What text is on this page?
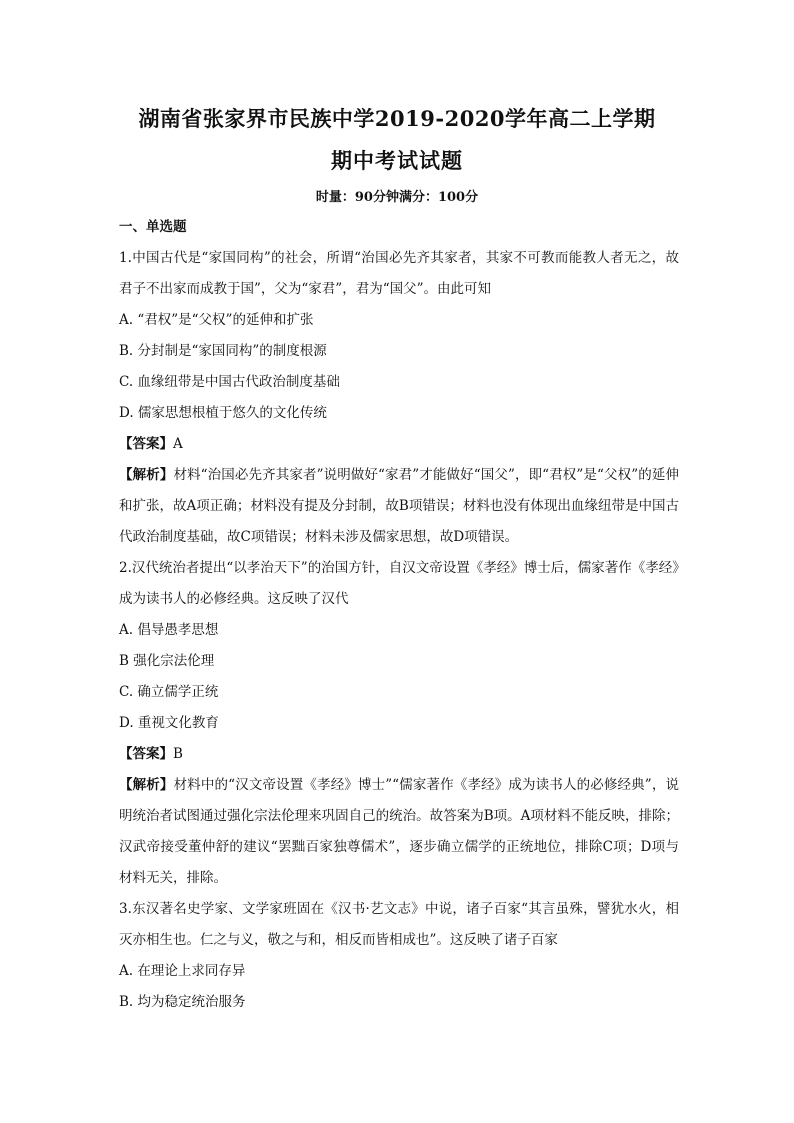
湖南省张家界市民族中学2019-2020学年高二上学期
期中考试试题
时量：90分钟满分：100分
一、单选题
1.中国古代是“家国同构”的社会，所谓“治国必先齐其家者，其家不可教而能教人者无之，故君子不出家而成教于国”，父为“家君”，君为“国父”。由此可知
A. “君权”是“父权”的延伸和扩张
B. 分封制是“家国同构”的制度根源
C. 血缘纽带是中国古代政治制度基础
D. 儒家思想根植于悠久的文化传统
【答案】A
【解析】材料“治国必先齐其家者”说明做好“家君”才能做好“国父”，即“君权”是“父权”的延伸和扩张，故A项正确；材料没有提及分封制，故B项错误；材料也没有体现出血缘纽带是中国古代政治制度基础，故C项错误；材料未涉及儒家思想，故D项错误。
2.汉代统治者提出“以孝治天下”的治国方针，自汉文帝设置《孝经》博士后，儒家著作《孝经》成为读书人的必修经典。这反映了汉代
A. 倡导愚孝思想
B 强化宗法伦理
C. 确立儒学正统
D. 重视文化教育
【答案】B
【解析】材料中的“汉文帝设置《孝经》博士”“儒家著作《孝经》成为读书人的必修经典”，说明统治者试图通过强化宗法伦理来巩固自己的统治。故答案为B项。A项材料不能反映，排除；汉武帝接受董仲舒的建议“罢黜百家独尊儒术”，逐步确立儒学的正统地位，排除C项；D项与材料无关，排除。
3.东汉著名史学家、文学家班固在《汉书·艺文志》中说，诸子百家“其言虽殊，譬犹水火，相灭亦相生也。仁之与义，敬之与和，相反而皆相成也”。这反映了诸子百家
A. 在理论上求同存异
B. 均为稳定统治服务
